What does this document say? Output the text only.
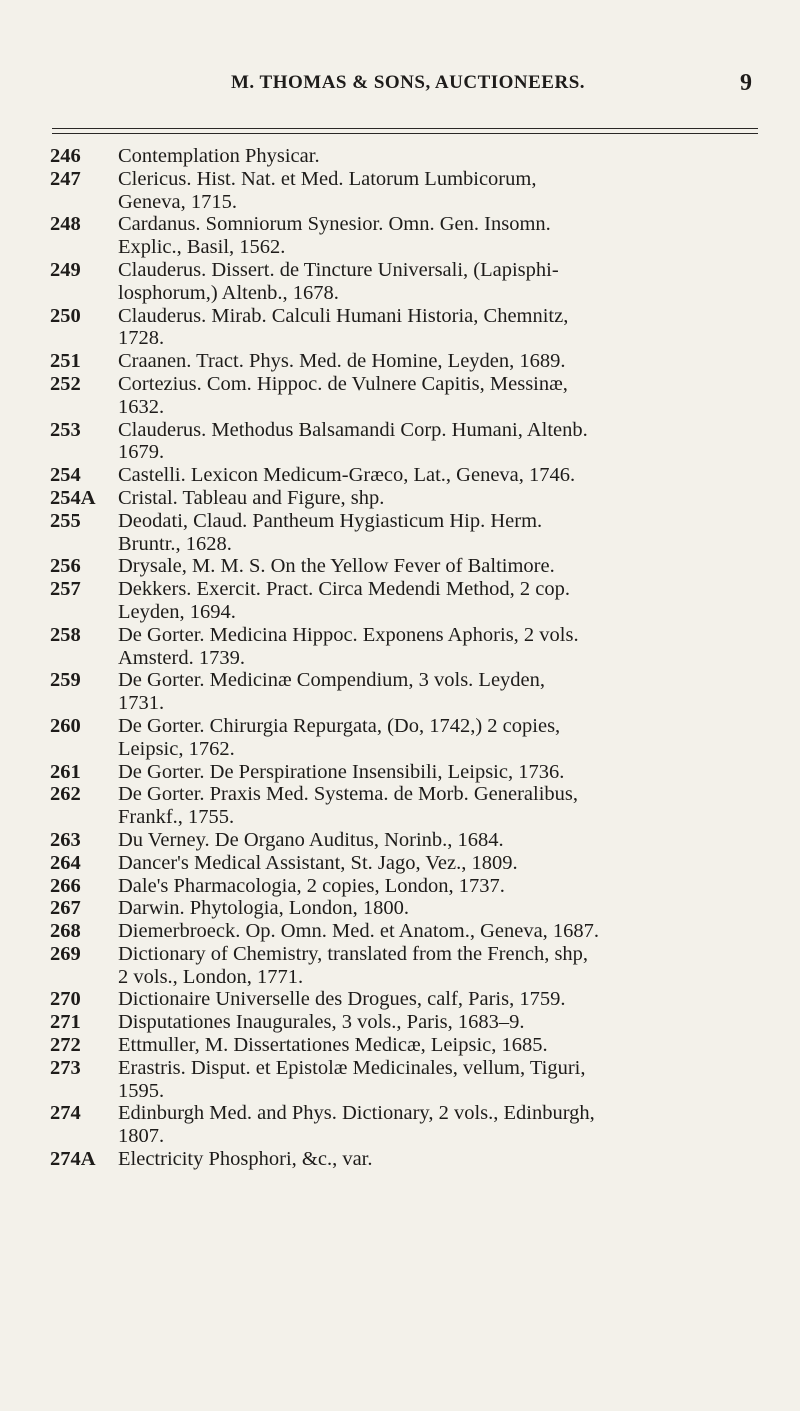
M. THOMAS & SONS, AUCTIONEERS.	9
246	Contemplation Physicar.
247	Clericus. Hist. Nat. et Med. Latorum Lumbicorum,
Geneva, 1715.
248	Cardanus. Somniorum Synesior. Omn. Gen. Insomn.
Explic., Basil, 1562.
249	Clauderus. Dissert. de Tincture Universali, (Lapisphi-
losphorum,) Altenb., 1678.
250	Clauderus. Mirab. Calculi Humani Historia, Chemnitz,
1728.
251	Craanen. Tract. Phys. Med. de Homine, Leyden, 1689.
252	Cortezius. Com. Hippoc. de Vulnere Capitis, Messinæ,
1632.
253	Clauderus. Methodus Balsamandi Corp. Humani, Altenb.
1679.
254	Castelli. Lexicon Medicum-Græco, Lat., Geneva, 1746.
254A	Cristal. Tableau and Figure, shp.
255	Deodati, Claud. Pantheum Hygiasticum Hip. Herm.
Bruntr., 1628.
256	Drysale, M. M. S. On the Yellow Fever of Baltimore.
257	Dekkers. Exercit. Pract. Circa Medendi Method, 2 cop.
Leyden, 1694.
258	De Gorter. Medicina Hippoc. Exponens Aphoris, 2 vols.
Amsterd. 1739.
259	De Gorter. Medicinæ Compendium, 3 vols. Leyden,
1731.
260	De Gorter. Chirurgia Repurgata, (Do, 1742,) 2 copies,
Leipsic, 1762.
261	De Gorter. De Perspiratione Insensibili, Leipsic, 1736.
262	De Gorter. Praxis Med. Systema. de Morb. Generalibus,
Frankf., 1755.
263	Du Verney. De Organo Auditus, Norinb., 1684.
264	Dancer's Medical Assistant, St. Jago, Vez., 1809.
266	Dale's Pharmacologia, 2 copies, London, 1737.
267	Darwin. Phytologia, London, 1800.
268	Diemerbroeck. Op. Omn. Med. et Anatom., Geneva, 1687.
269	Dictionary of Chemistry, translated from the French, shp,
2 vols., London, 1771.
270	Dictionaire Universelle des Drogues, calf, Paris, 1759.
271	Disputationes Inaugurales, 3 vols., Paris, 1683–9.
272	Ettmuller, M. Dissertationes Medicæ, Leipsic, 1685.
273	Erastris. Disput. et Epistolæ Medicinales, vellum, Tiguri,
1595.
274	Edinburgh Med. and Phys. Dictionary, 2 vols., Edinburgh,
1807.
274A	Electricity Phosphori, &c., var.
